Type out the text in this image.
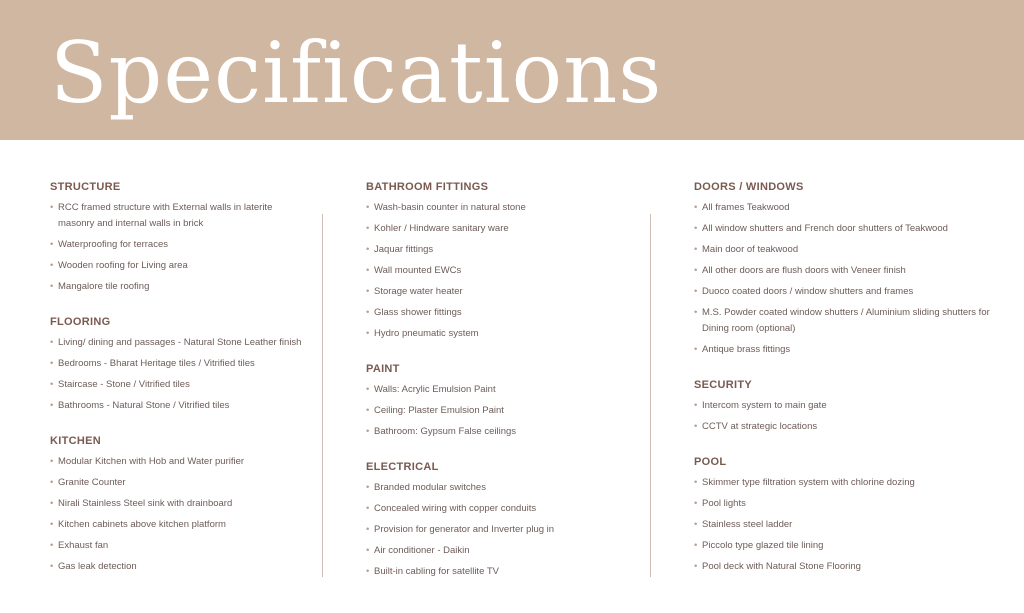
Specifications
STRUCTURE
• RCC framed structure with External walls in laterite masonry and internal walls in brick
• Waterproofing for terraces
• Wooden roofing for Living area
• Mangalore tile roofing
FLOORING
• Living/ dining and passages - Natural Stone Leather finish
• Bedrooms - Bharat Heritage tiles / Vitrified tiles
• Staircase - Stone / Vitrified tiles
• Bathrooms - Natural Stone / Vitrified tiles
KITCHEN
• Modular Kitchen with Hob and Water purifier
• Granite Counter
• Nirali Stainless Steel sink with drainboard
• Kitchen cabinets above kitchen platform
• Exhaust fan
• Gas leak detection
BATHROOM FITTINGS
• Wash-basin counter in natural stone
• Kohler / Hindware sanitary ware
• Jaquar fittings
• Wall mounted EWCs
• Storage water heater
• Glass shower fittings
• Hydro pneumatic system
PAINT
• Walls: Acrylic Emulsion Paint
• Ceiling: Plaster Emulsion Paint
• Bathroom: Gypsum False ceilings
ELECTRICAL
• Branded modular switches
• Concealed wiring with copper conduits
• Provision for generator and Inverter plug in
• Air conditioner - Daikin
• Built-in cabling for satellite TV
DOORS / WINDOWS
• All frames Teakwood
• All window shutters and French door shutters of Teakwood
• Main door of teakwood
• All other doors are flush doors with Veneer finish
• Duoco coated doors / window shutters and frames
• M.S. Powder coated window shutters / Aluminium sliding shutters for Dining room (optional)
• Antique brass fittings
SECURITY
• Intercom system to main gate
• CCTV at strategic locations
POOL
• Skimmer type filtration system with chlorine dozing
• Pool lights
• Stainless steel ladder
• Piccolo type glazed tile lining
• Pool deck with Natural Stone Flooring
